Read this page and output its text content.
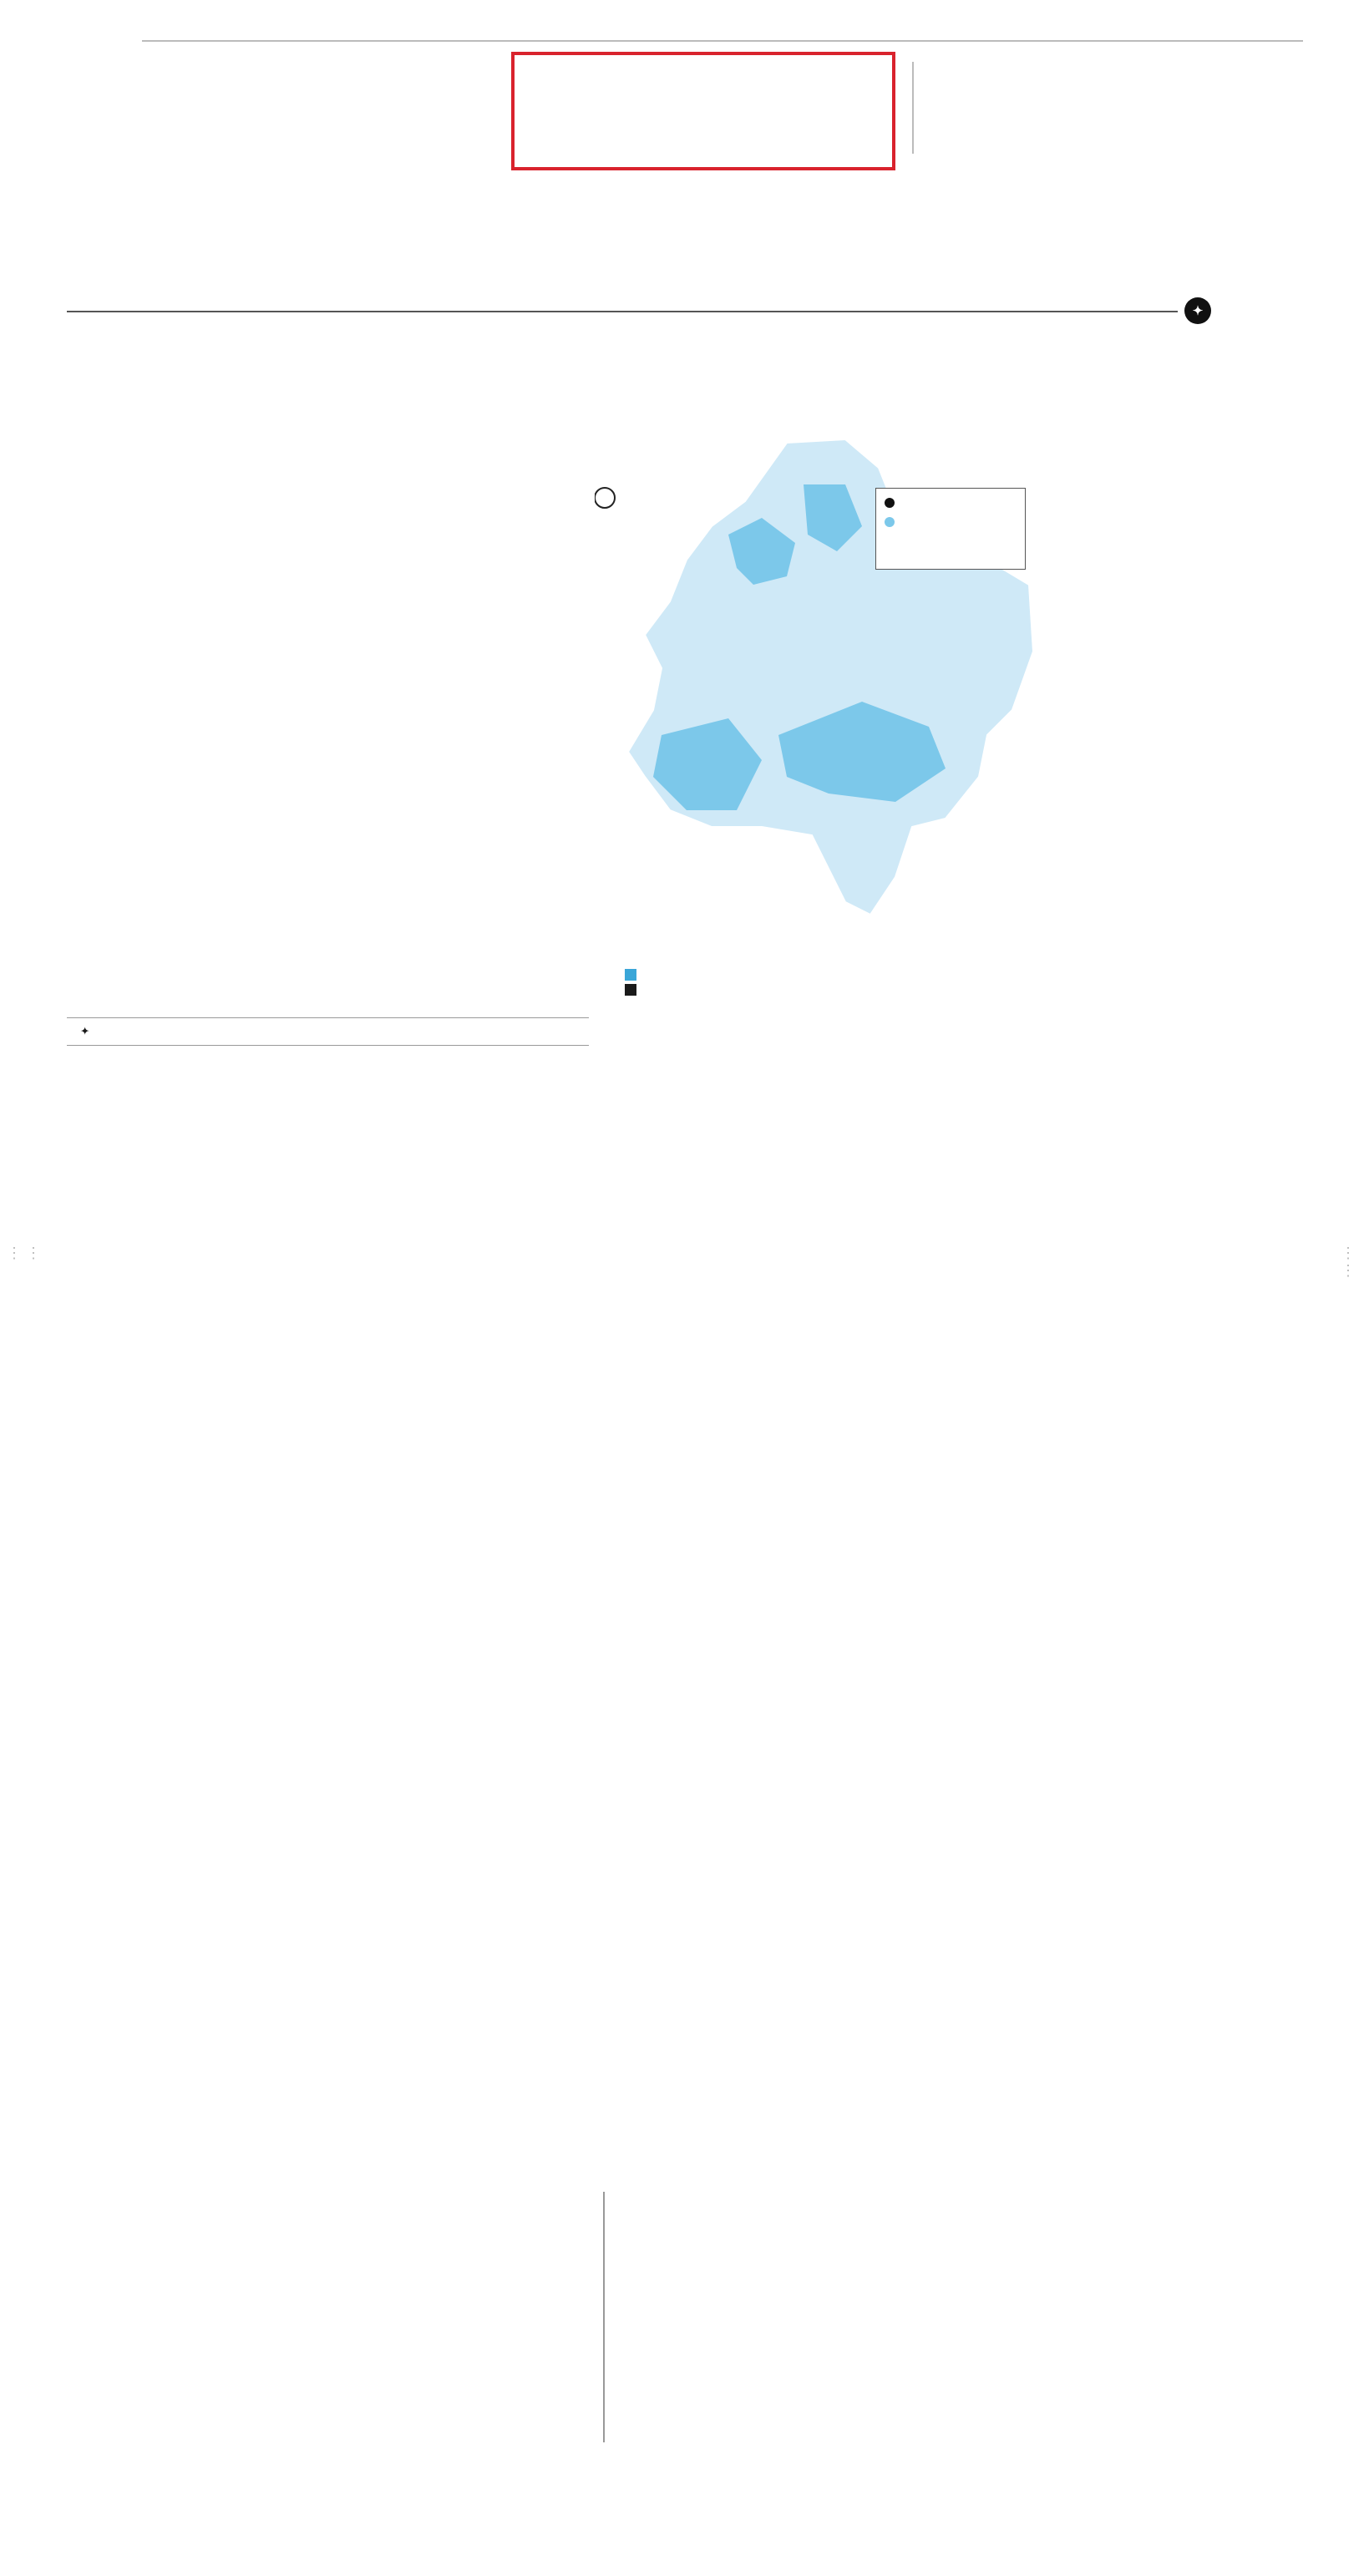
✦
✦
⋮ ⋮	⋮ ⋮
